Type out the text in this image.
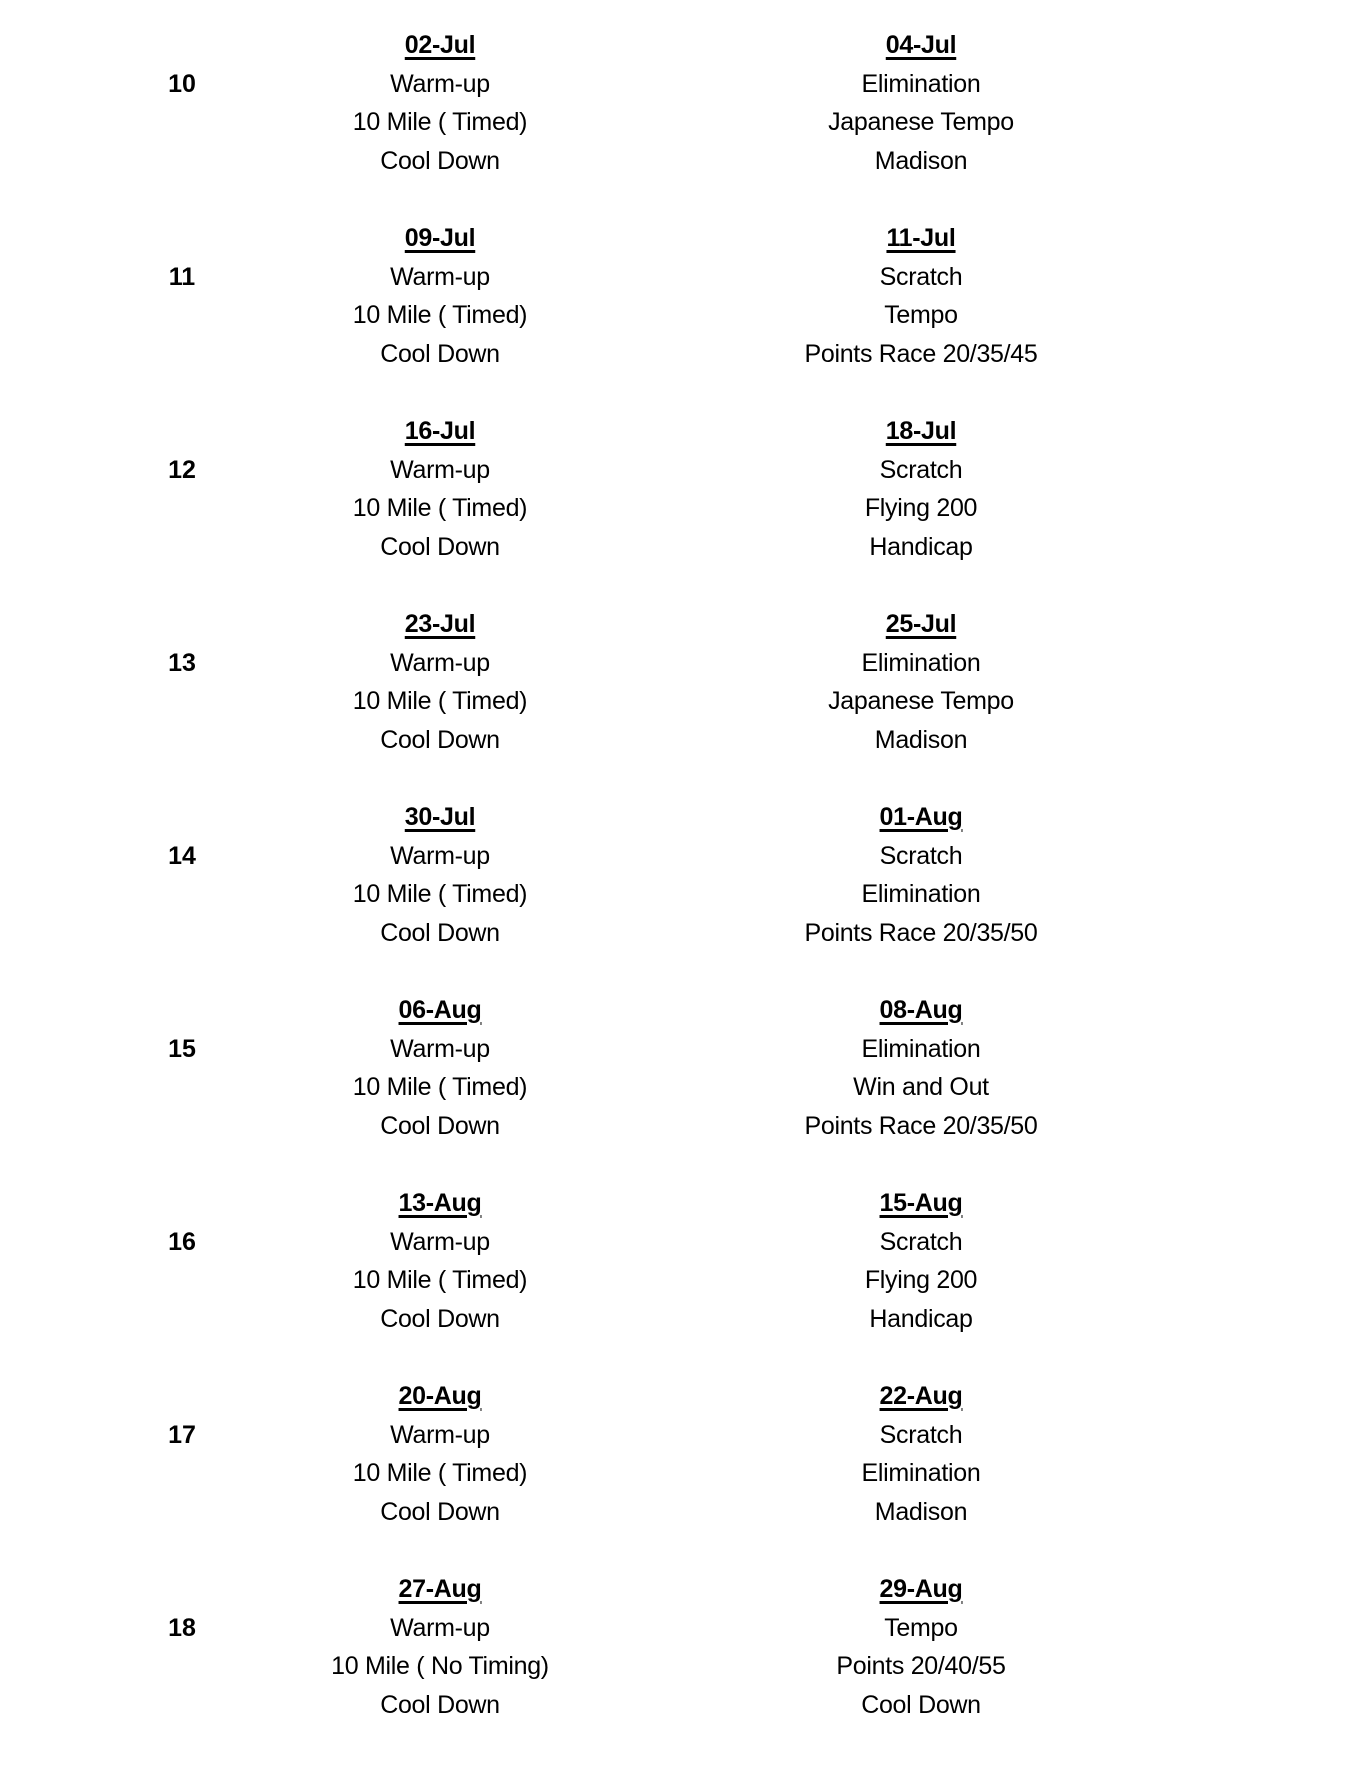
10
02-Jul
Warm-up
10 Mile ( Timed)
Cool Down
04-Jul
Elimination
Japanese Tempo
Madison
11
09-Jul
Warm-up
10 Mile ( Timed)
Cool Down
11-Jul
Scratch
Tempo
Points Race 20/35/45
12
16-Jul
Warm-up
10 Mile ( Timed)
Cool Down
18-Jul
Scratch
Flying 200
Handicap
13
23-Jul
Warm-up
10 Mile ( Timed)
Cool Down
25-Jul
Elimination
Japanese Tempo
Madison
14
30-Jul
Warm-up
10 Mile ( Timed)
Cool Down
01-Aug
Scratch
Elimination
Points Race 20/35/50
15
06-Aug
Warm-up
10 Mile ( Timed)
Cool Down
08-Aug
Elimination
Win and Out
Points Race 20/35/50
16
13-Aug
Warm-up
10 Mile ( Timed)
Cool Down
15-Aug
Scratch
Flying 200
Handicap
17
20-Aug
Warm-up
10 Mile ( Timed)
Cool Down
22-Aug
Scratch
Elimination
Madison
18
27-Aug
Warm-up
10 Mile ( No Timing)
Cool Down
29-Aug
Tempo
Points 20/40/55
Cool Down
